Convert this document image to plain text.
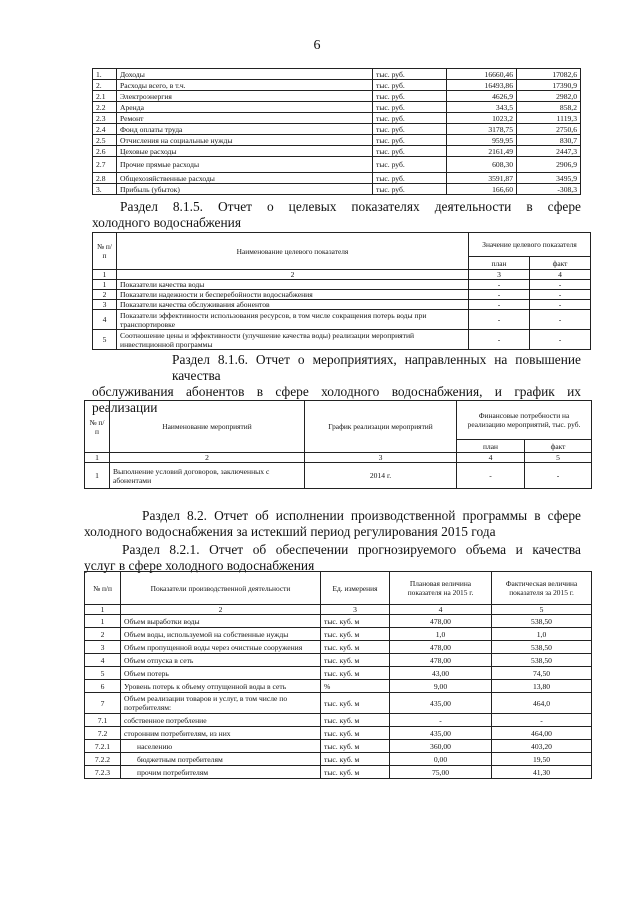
6
1.	Доходы	тыс. руб.	16660,46	17082,6
2.	Расходы всего, в т.ч.	тыс. руб.	16493,86	17390,9
2.1	Электроэнергия	тыс. руб.	4626,9	2982,0
2.2	Аренда	тыс. руб.	343,5	858,2
2.3	Ремонт	тыс. руб.	1023,2	1119,3
2.4	Фонд оплаты труда	тыс. руб.	3178,75	2750,6
2.5	Отчисления на социальные нужды	тыс. руб.	959,95	830,7
2.6	Цеховые расходы	тыс. руб.	2161,49	2447,3
2.7	Прочие прямые расходы	тыс. руб.	608,30	2906,9
2.8	Общехозяйственные расходы	тыс. руб.	3591,87	3495,9
3.	Прибыль (убыток)	тыс. руб.	166,60	-308,3
Раздел 8.1.5. Отчет о целевых показателях деятельности в сфере
холодного водоснабжения
№ п/п	Наименование целевого показателя	Значение целевого показателя	
		план	факт
1	2	3	4
1	Показатели качества воды	-	-
2	Показатели надежности и бесперебойности водоснабжения	-	-
3	Показатели качества обслуживания абонентов	-	-
4	Показатели эффективности использования ресурсов, в том числе сокращения потерь воды при транспортировке	-	-
5	Соотношение цены и эффективности (улучшение качества воды) реализации мероприятий инвестиционной программы	-	-
Раздел 8.1.6. Отчет о мероприятиях, направленных на повышение качества
обслуживания абонентов в сфере холодного водоснабжения, и график их
реализации
№ п/п	Наименование мероприятий	График реализации мероприятий	Финансовые потребности на реализацию мероприятий, тыс. руб.	
			план	факт
1	2	3	4	5
1	Выполнение условий договоров, заключенных с абонентами	2014 г.	-	-
Раздел 8.2. Отчет об исполнении производственной программы в сфере
холодного водоснабжения за истекший период регулирования 2015 года
Раздел 8.2.1. Отчет об обеспечении прогнозируемого объема и качества
услуг в сфере холодного водоснабжения
№ п/п	Показатели производственной деятельности	Ед. измерения	Плановая величина показателя на 2015 г.	Фактическая величина показателя за 2015 г.
1	2	3	4	5
1	Объем выработки воды	тыс. куб. м	478,00	538,50
2	Объем воды, используемой на собственные нужды	тыс. куб. м	1,0	1,0
3	Объем пропущенной воды через очистные сооружения	тыс. куб. м	478,00	538,50
4	Объем отпуска в сеть	тыс. куб. м	478,00	538,50
5	Объем потерь	тыс. куб. м	43,00	74,50
6	Уровень потерь к объему отпущенной воды в сеть	%	9,00	13,80
7	Объем реализации товаров и услуг, в том числе по потребителям:	тыс. куб. м	435,00	464,0
7.1	собственное потребление	тыс. куб. м	-	-
7.2	сторонним потребителям, из них	тыс. куб. м	435,00	464,00
7.2.1	населению	тыс. куб. м	360,00	403,20
7.2.2	бюджетным потребителям	тыс. куб. м	0,00	19,50
7.2.3	прочим потребителям	тыс. куб. м	75,00	41,30
